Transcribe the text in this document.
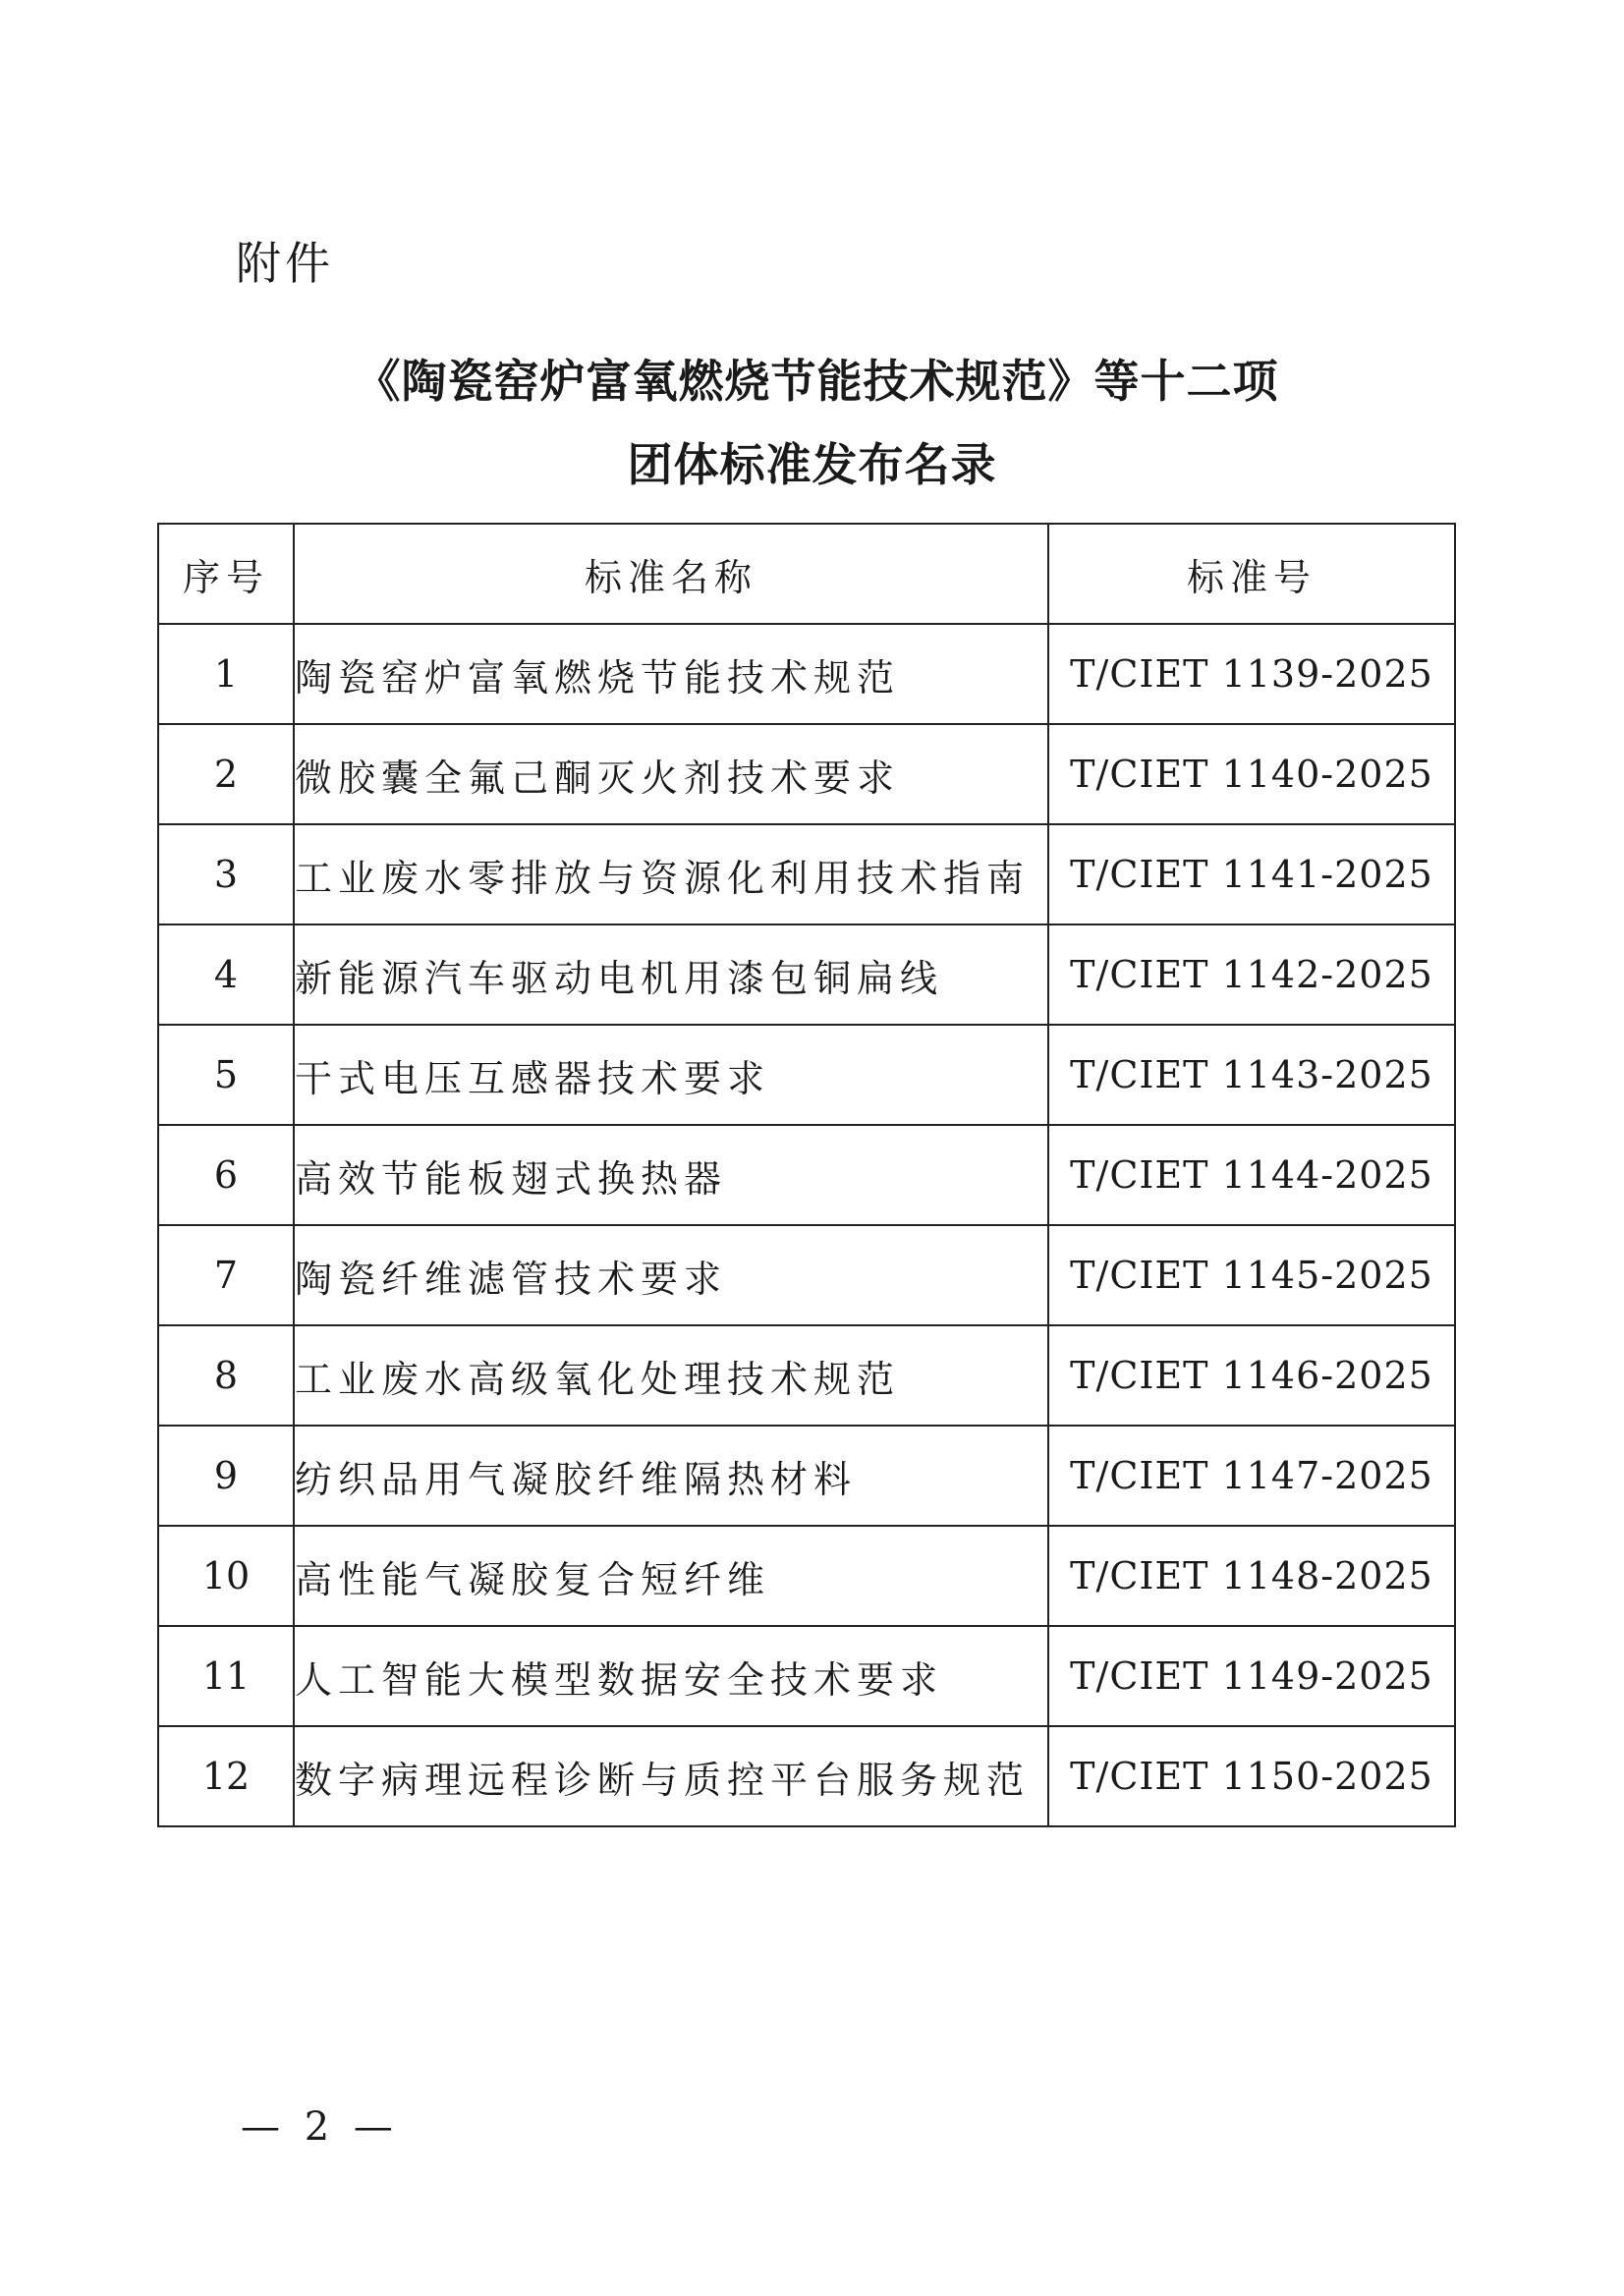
附件
《陶瓷窑炉富氧燃烧节能技术规范》等十二项
团体标准发布名录
序号	标准名称	标准号
1	陶瓷窑炉富氧燃烧节能技术规范	T/CIET 1139-2025
2	微胶囊全氟己酮灭火剂技术要求	T/CIET 1140-2025
3	工业废水零排放与资源化利用技术指南	T/CIET 1141-2025
4	新能源汽车驱动电机用漆包铜扁线	T/CIET 1142-2025
5	干式电压互感器技术要求	T/CIET 1143-2025
6	高效节能板翅式换热器	T/CIET 1144-2025
7	陶瓷纤维滤管技术要求	T/CIET 1145-2025
8	工业废水高级氧化处理技术规范	T/CIET 1146-2025
9	纺织品用气凝胶纤维隔热材料	T/CIET 1147-2025
10	高性能气凝胶复合短纤维	T/CIET 1148-2025
11	人工智能大模型数据安全技术要求	T/CIET 1149-2025
12	数字病理远程诊断与质控平台服务规范	T/CIET 1150-2025
— 2 —
